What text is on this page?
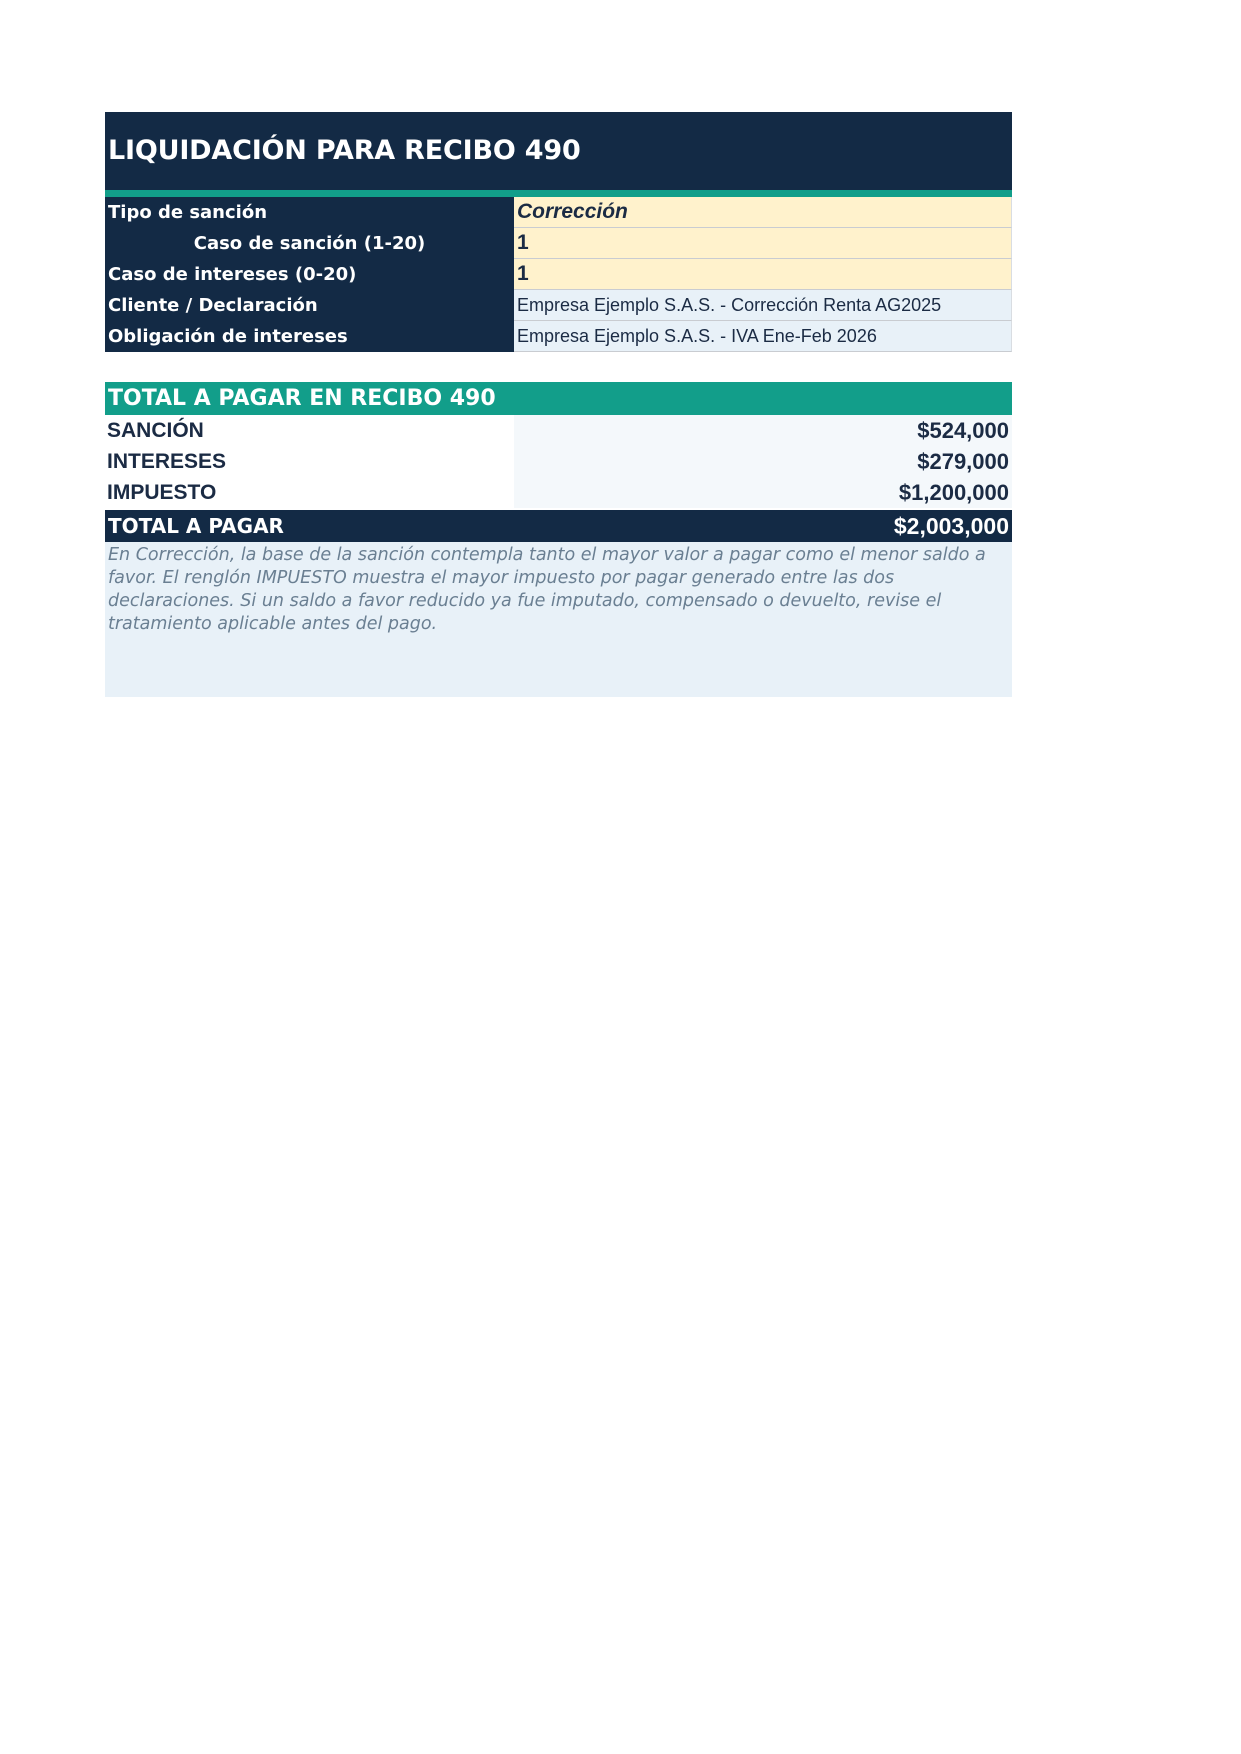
LIQUIDACIÓN PARA RECIBO 490
Tipo de sanción	Corrección
Caso de sanción (1-20)	1
Caso de intereses (0-20)	1
Cliente / Declaración	Empresa Ejemplo S.A.S. - Corrección Renta AG2025
Obligación de intereses	Empresa Ejemplo S.A.S. - IVA Ene-Feb 2026
TOTAL A PAGAR EN RECIBO 490
SANCIÓN	$524,000
INTERESES	$279,000
IMPUESTO	$1,200,000
TOTAL A PAGAR	$2,003,000
En Corrección, la base de la sanción contempla tanto el mayor valor a pagar como el menor saldo a favor. El renglón IMPUESTO muestra el mayor impuesto por pagar generado entre las dos declaraciones. Si un saldo a favor reducido ya fue imputado, compensado o devuelto, revise el tratamiento aplicable antes del pago.
